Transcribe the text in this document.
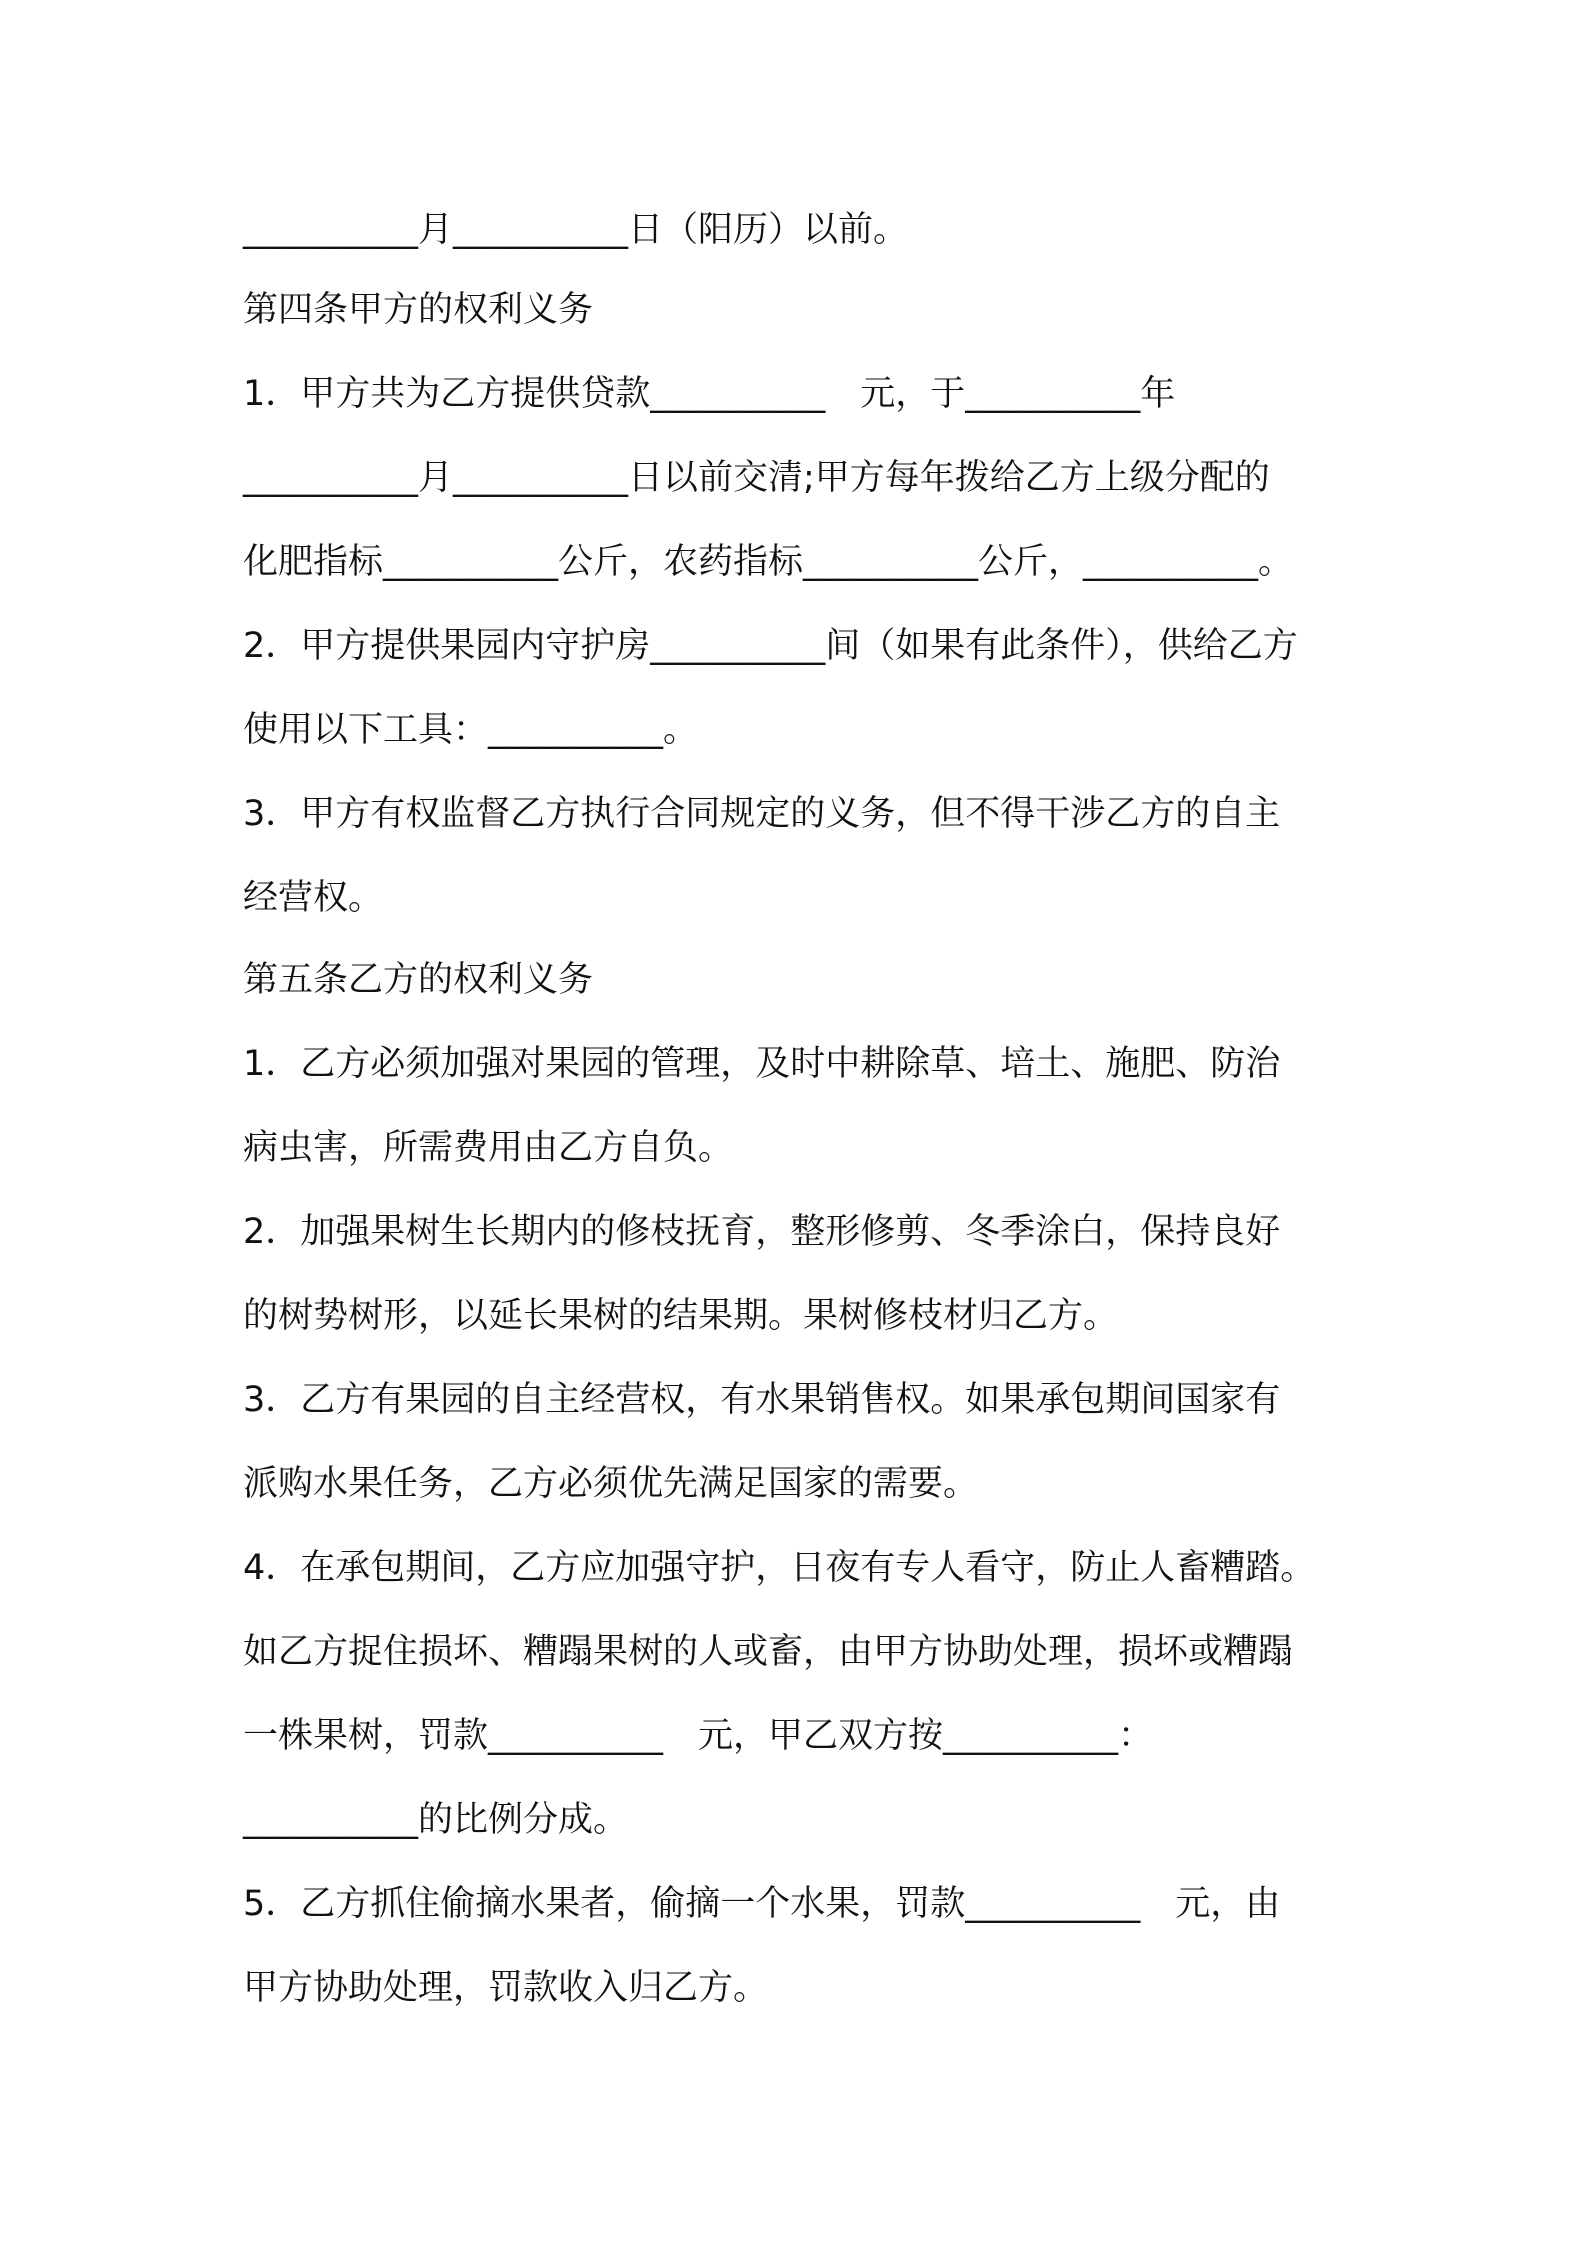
__________月__________日（阳历）以前。
第四条甲方的权利义务
1．甲方共为乙方提供贷款__________　元，于__________年
__________月__________日以前交清;甲方每年拨给乙方上级分配的
化肥指标__________公斤，农药指标__________公斤，__________。
2．甲方提供果园内守护房__________间（如果有此条件），供给乙方
使用以下工具：__________。
3．甲方有权监督乙方执行合同规定的义务，但不得干涉乙方的自主
经营权。
第五条乙方的权利义务
1．乙方必须加强对果园的管理，及时中耕除草、培土、施肥、防治
病虫害，所需费用由乙方自负。
2．加强果树生长期内的修枝抚育，整形修剪、冬季涂白，保持良好
的树势树形，以延长果树的结果期。果树修枝材归乙方。
3．乙方有果园的自主经营权，有水果销售权。如果承包期间国家有
派购水果任务，乙方必须优先满足国家的需要。
4．在承包期间，乙方应加强守护，日夜有专人看守，防止人畜糟踏。
如乙方捉住损坏、糟蹋果树的人或畜，由甲方协助处理，损坏或糟蹋
一株果树，罚款__________　元，甲乙双方按__________：
__________的比例分成。
5．乙方抓住偷摘水果者，偷摘一个水果，罚款__________　元，由
甲方协助处理，罚款收入归乙方。
